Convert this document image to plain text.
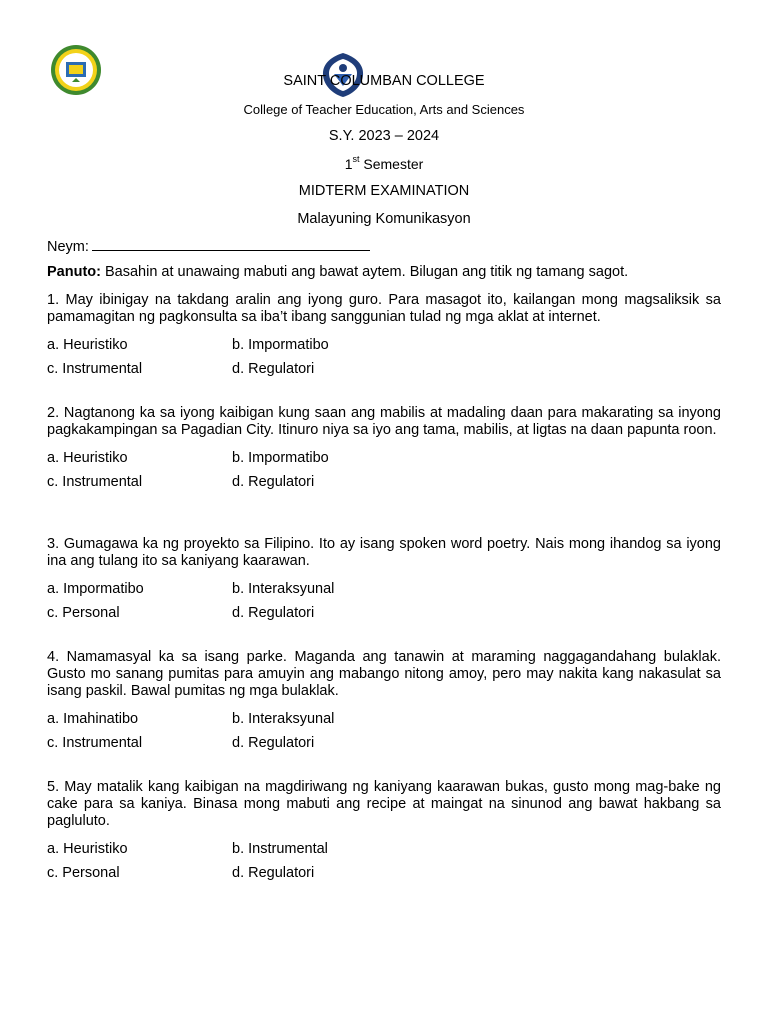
SAINT COLUMBAN COLLEGE
College of Teacher Education, Arts and Sciences
S.Y. 2023 – 2024
1st Semester
MIDTERM EXAMINATION
Malayuning Komunikasyon
Neym:
Panuto: Basahin at unawaing mabuti ang bawat aytem. Bilugan ang titik ng tamang sagot.
1. May ibinigay na takdang aralin ang iyong guro. Para masagot ito, kailangan mong magsaliksik sa pamamagitan ng pagkonsulta sa iba’t ibang sanggunian tulad ng mga aklat at internet.
a. Heuristiko	b. Impormatibo
c. Instrumental	d. Regulatori
2. Nagtanong ka sa iyong kaibigan kung saan ang mabilis at madaling daan para makarating sa inyong pagkakampingan sa Pagadian City. Itinuro niya sa iyo ang tama, mabilis, at ligtas na daan papunta roon.
a. Heuristiko	b. Impormatibo
c. Instrumental	d. Regulatori
3. Gumagawa ka ng proyekto sa Filipino. Ito ay isang spoken word poetry. Nais mong ihandog sa iyong ina ang tulang ito sa kaniyang kaarawan.
a. Impormatibo	b. Interaksyunal
c. Personal	d. Regulatori
4. Namamasyal ka sa isang parke. Maganda ang tanawin at maraming naggagandahang bulaklak. Gusto mo sanang pumitas para amuyin ang mabango nitong amoy, pero may nakita kang nakasulat sa isang paskil. Bawal pumitas ng mga bulaklak.
a. Imahinatibo	b. Interaksyunal
c. Instrumental	d. Regulatori
5. May matalik kang kaibigan na magdiriwang ng kaniyang kaarawan bukas, gusto mong mag-bake ng cake para sa kaniya. Binasa mong mabuti ang recipe at maingat na sinunod ang bawat hakbang sa pagluluto.
a. Heuristiko	b. Instrumental
c. Personal	d. Regulatori
